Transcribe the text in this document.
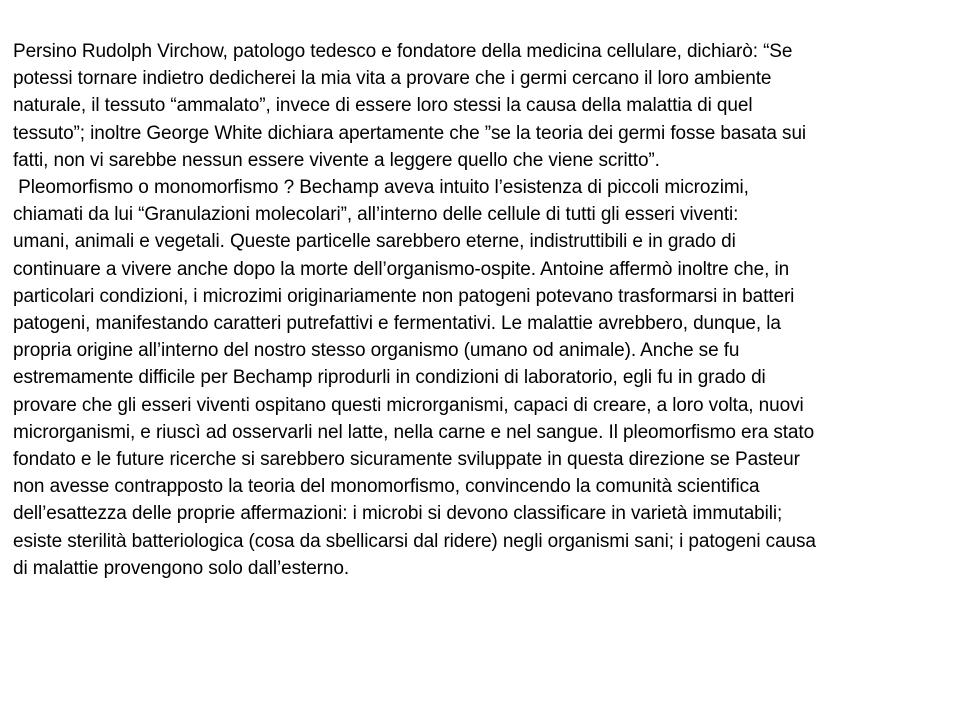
Persino Rudolph Virchow, patologo tedesco e fondatore della medicina cellulare, dichiarò: “Se
potessi tornare indietro dedicherei la mia vita a provare che i germi cercano il loro ambiente
naturale, il tessuto “ammalato”, invece di essere loro stessi la causa della malattia di quel
tessuto”; inoltre George White dichiara apertamente che ”se la teoria dei germi fosse basata sui
fatti, non vi sarebbe nessun essere vivente a leggere quello che viene scritto”.
Pleomorfismo o monomorfismo ? Bechamp aveva intuito l’esistenza di piccoli microzimi,
chiamati da lui “Granulazioni molecolari”, all’interno delle cellule di tutti gli esseri viventi:
umani, animali e vegetali. Queste particelle sarebbero eterne, indistruttibili e in grado di
continuare a vivere anche dopo la morte dell’organismo-ospite. Antoine affermò inoltre che, in
particolari condizioni, i microzimi originariamente non patogeni potevano trasformarsi in batteri
patogeni, manifestando caratteri putrefattivi e fermentativi. Le malattie avrebbero, dunque, la
propria origine all’interno del nostro stesso organismo (umano od animale). Anche se fu
estremamente difficile per Bechamp riprodurli in condizioni di laboratorio, egli fu in grado di
provare che gli esseri viventi ospitano questi microrganismi, capaci di creare, a loro volta, nuovi
microrganismi, e riuscì ad osservarli nel latte, nella carne e nel sangue. Il pleomorfismo era stato
fondato e le future ricerche si sarebbero sicuramente sviluppate in questa direzione se Pasteur
non avesse contrapposto la teoria del monomorfismo, convincendo la comunità scientifica
dell’esattezza delle proprie affermazioni: i microbi si devono classificare in varietà immutabili;
esiste sterilità batteriologica (cosa da sbellicarsi dal ridere) negli organismi sani; i patogeni causa
di malattie provengono solo dall’esterno.
